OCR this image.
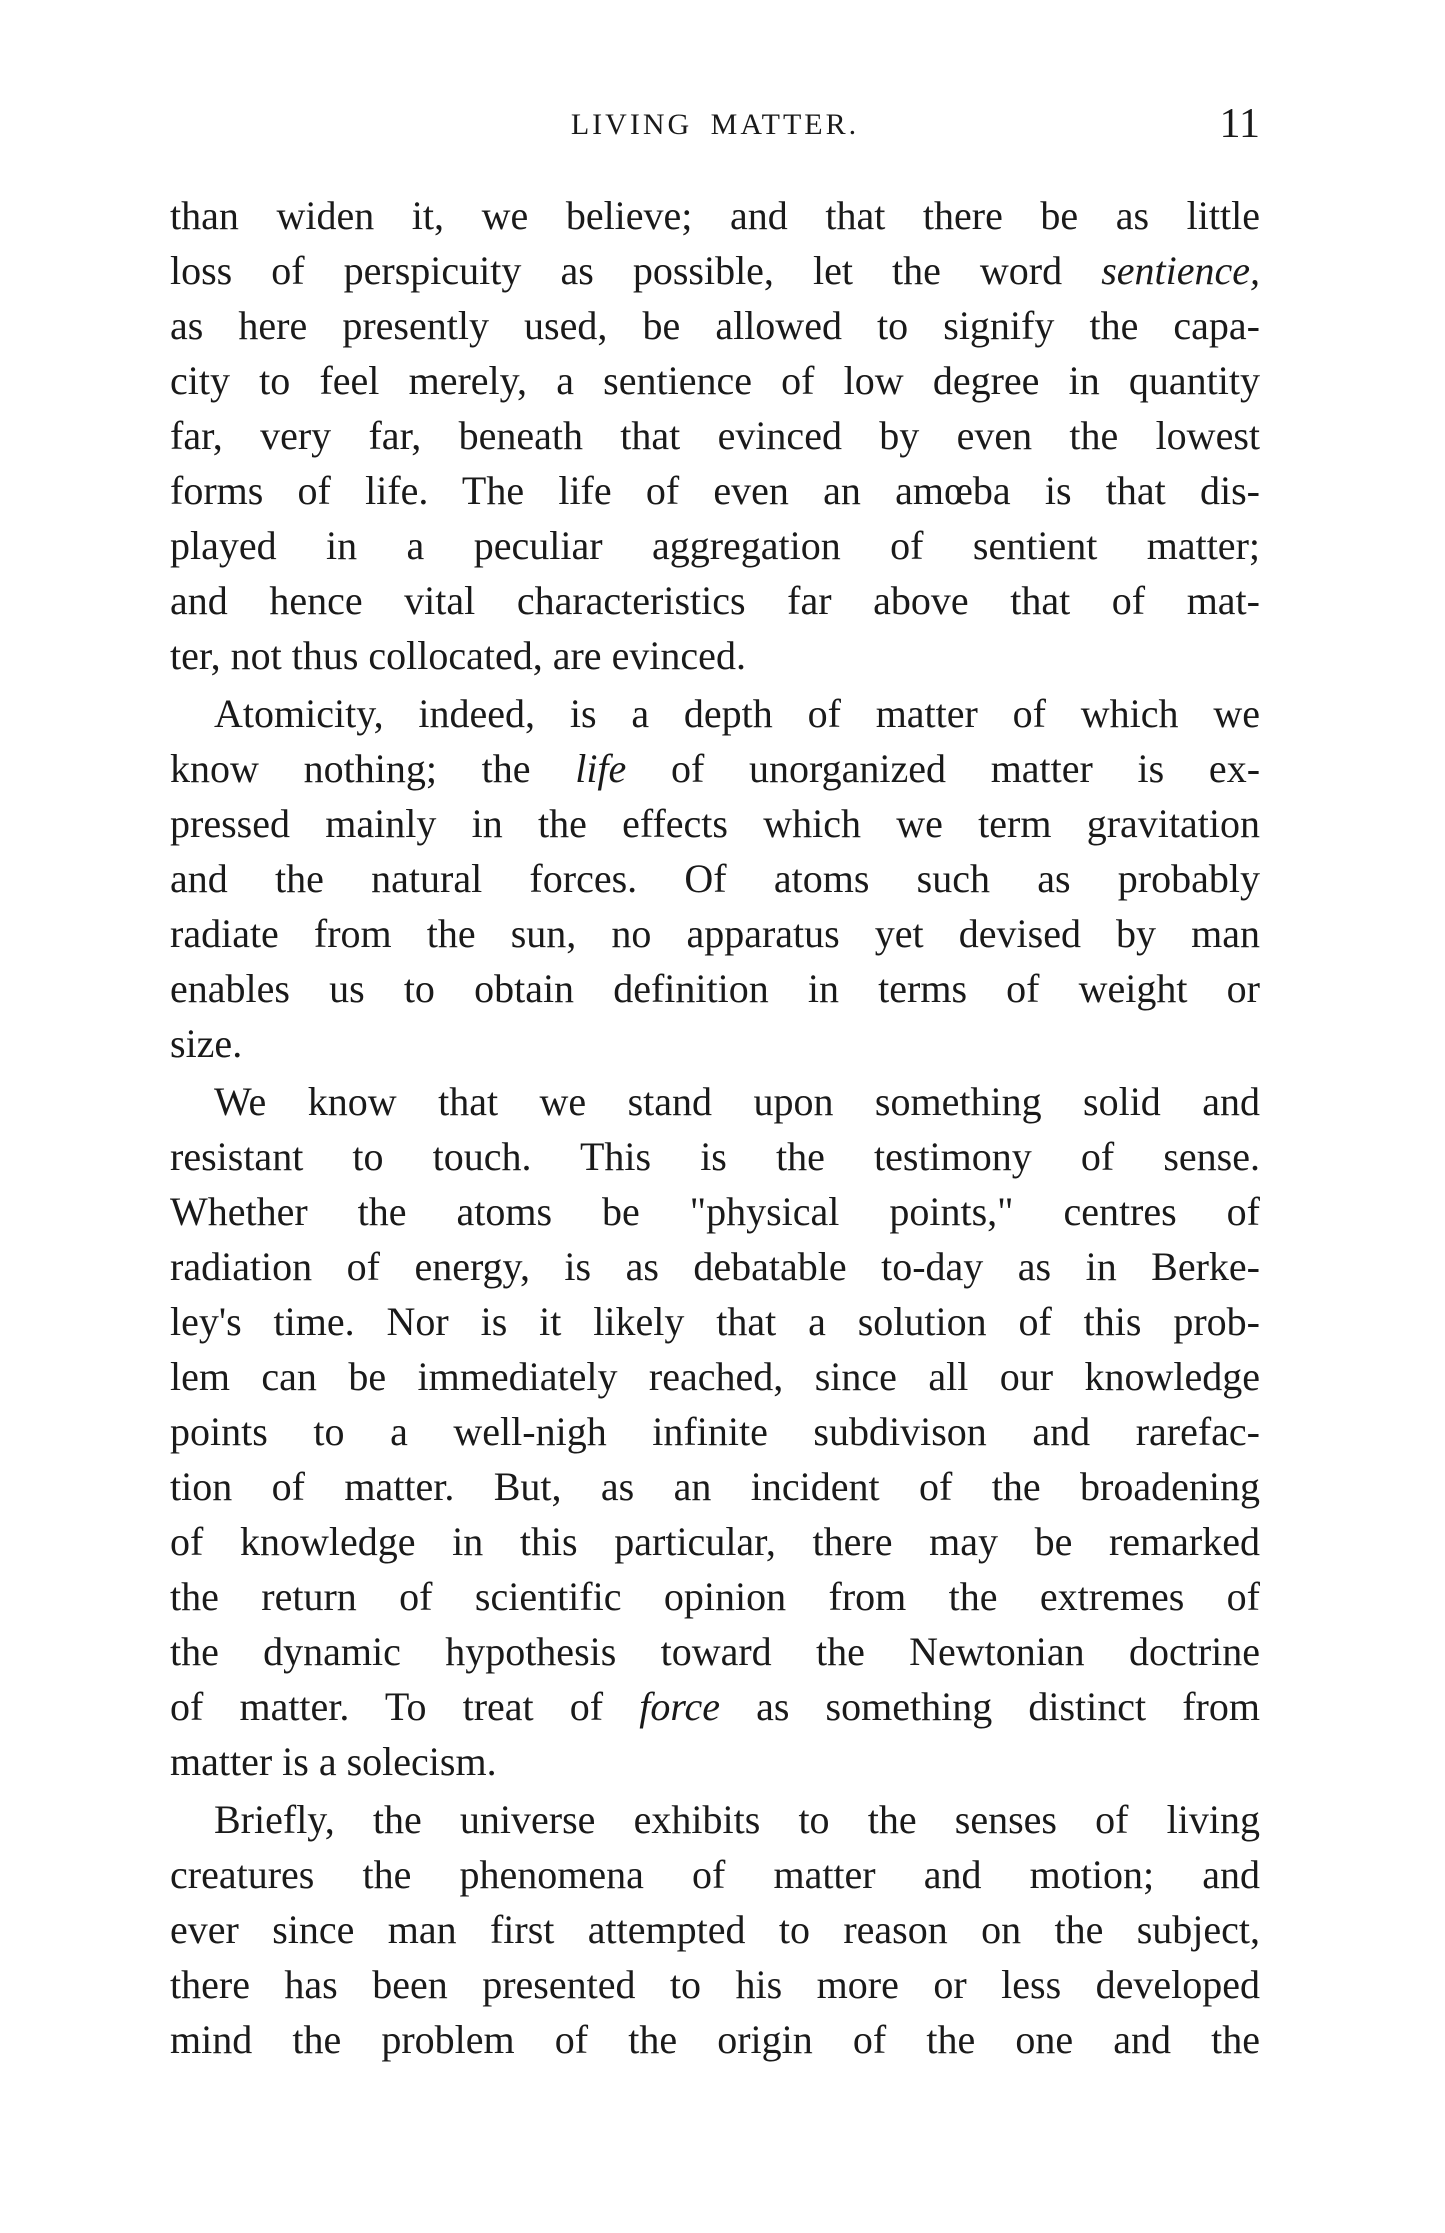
LIVING MATTER.	11
than widen it, we believe; and that there be as little
loss of perspicuity as possible, let the word sentience,
as here presently used, be allowed to signify the capa-
city to feel merely, a sentience of low degree in quantity
far, very far, beneath that evinced by even the lowest
forms of life. The life of even an amœba is that dis-
played in a peculiar aggregation of sentient matter;
and hence vital characteristics far above that of mat-
ter, not thus collocated, are evinced.
Atomicity, indeed, is a depth of matter of which we
know nothing; the life of unorganized matter is ex-
pressed mainly in the effects which we term gravitation
and the natural forces. Of atoms such as probably
radiate from the sun, no apparatus yet devised by man
enables us to obtain definition in terms of weight or
size.
We know that we stand upon something solid and
resistant to touch. This is the testimony of sense.
Whether the atoms be "physical points," centres of
radiation of energy, is as debatable to-day as in Berke-
ley's time. Nor is it likely that a solution of this prob-
lem can be immediately reached, since all our knowledge
points to a well-nigh infinite subdivison and rarefac-
tion of matter. But, as an incident of the broadening
of knowledge in this particular, there may be remarked
the return of scientific opinion from the extremes of
the dynamic hypothesis toward the Newtonian doctrine
of matter. To treat of force as something distinct from
matter is a solecism.
Briefly, the universe exhibits to the senses of living
creatures the phenomena of matter and motion; and
ever since man first attempted to reason on the subject,
there has been presented to his more or less developed
mind the problem of the origin of the one and the
